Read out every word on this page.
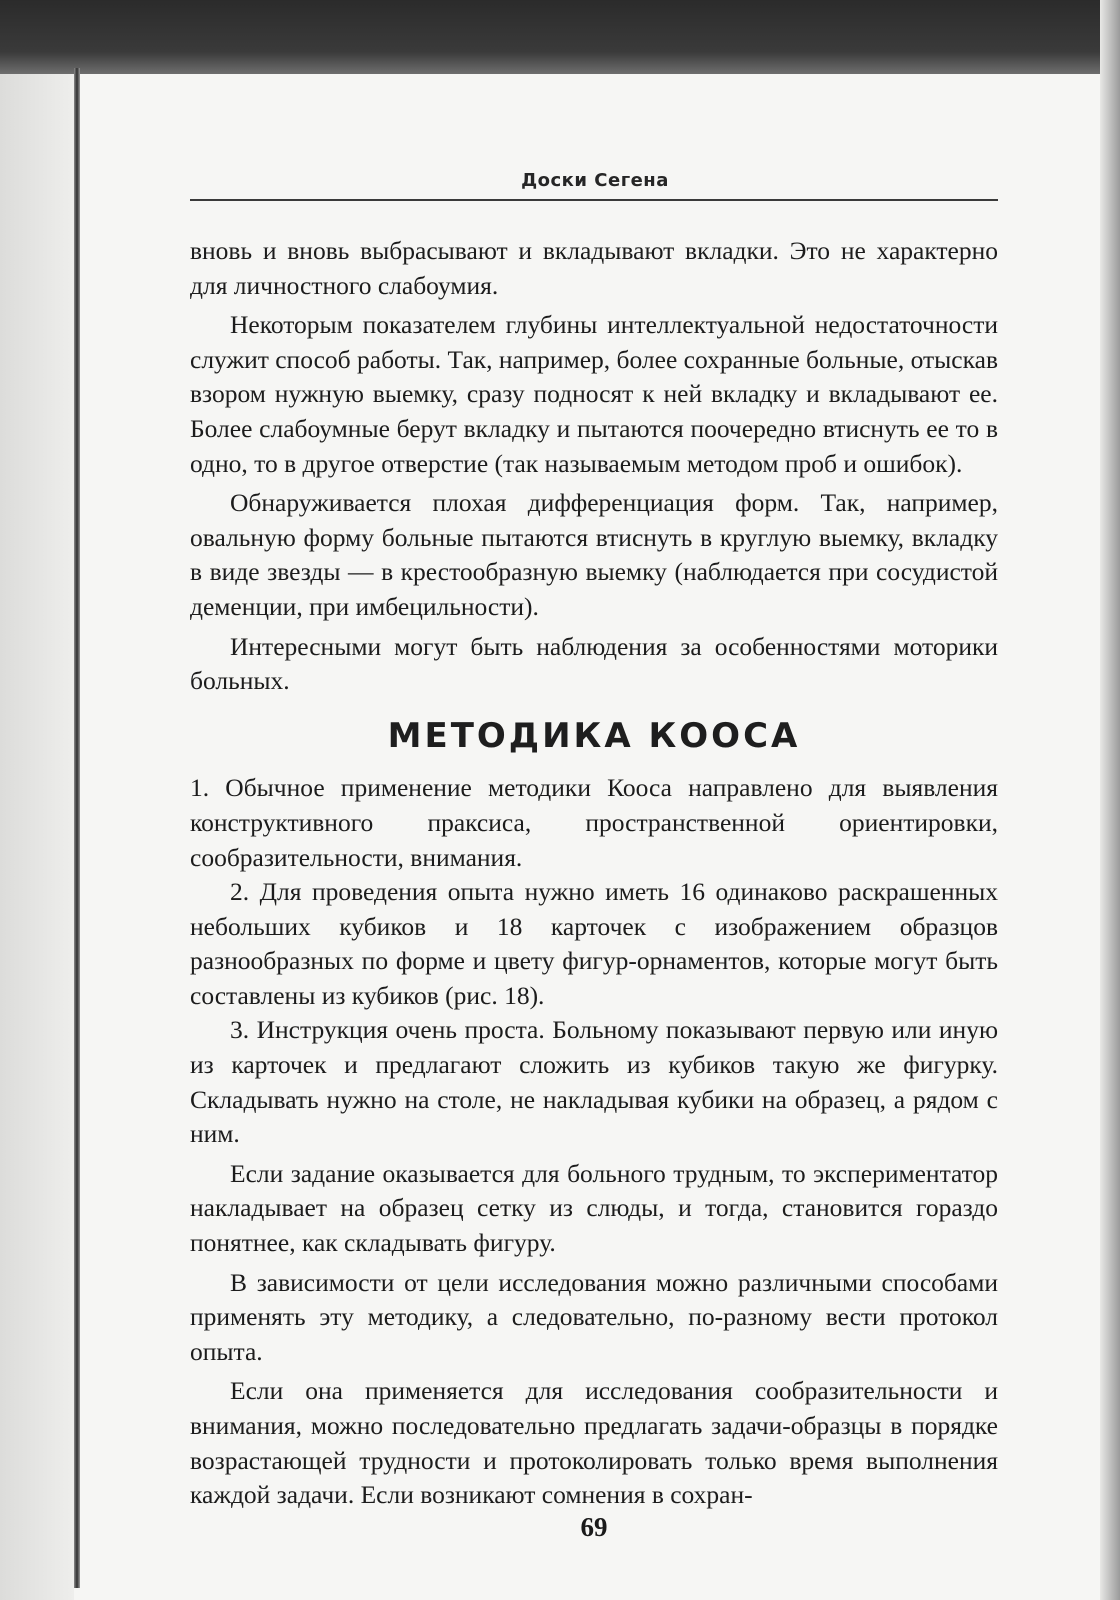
Доски Сегена

вновь и вновь выбрасывают и вкладывают вкладки. Это не характерно для личностного слабоумия.

Некоторым показателем глубины интеллектуальной недостаточности служит способ работы. Так, например, более сохранные больные, отыскав взором нужную выемку, сразу подносят к ней вкладку и вкладывают ее. Более слабоумные берут вкладку и пытаются поочередно втиснуть ее то в одно, то в другое отверстие (так называемым методом проб и ошибок).

Обнаруживается плохая дифференциация форм. Так, например, овальную форму больные пытаются втиснуть в круглую выемку, вкладку в виде звезды — в крестообразную выемку (наблюдается при сосудистой деменции, при имбецильности).

Интересными могут быть наблюдения за особенностями моторики больных.

МЕТОДИКА КООСА

1. Обычное применение методики Кооса направлено для выявления конструктивного праксиса, пространственной ориентировки, сообразительности, внимания.

2. Для проведения опыта нужно иметь 16 одинаково раскрашенных небольших кубиков и 18 карточек с изображением образцов разнообразных по форме и цвету фигур-орнаментов, которые могут быть составлены из кубиков (рис. 18).

3. Инструкция очень проста. Больному показывают первую или иную из карточек и предлагают сложить из кубиков такую же фигурку. Складывать нужно на столе, не накладывая кубики на образец, а рядом с ним.

Если задание оказывается для больного трудным, то экспериментатор накладывает на образец сетку из слюды, и тогда, становится гораздо понятнее, как складывать фигуру.

В зависимости от цели исследования можно различными способами применять эту методику, а следовательно, по-разному вести протокол опыта.

Если она применяется для исследования сообразительности и внимания, можно последовательно предлагать задачи-образцы в порядке возрастающей трудности и протоколировать только время выполнения каждой задачи. Если возникают сомнения в сохран-

69
